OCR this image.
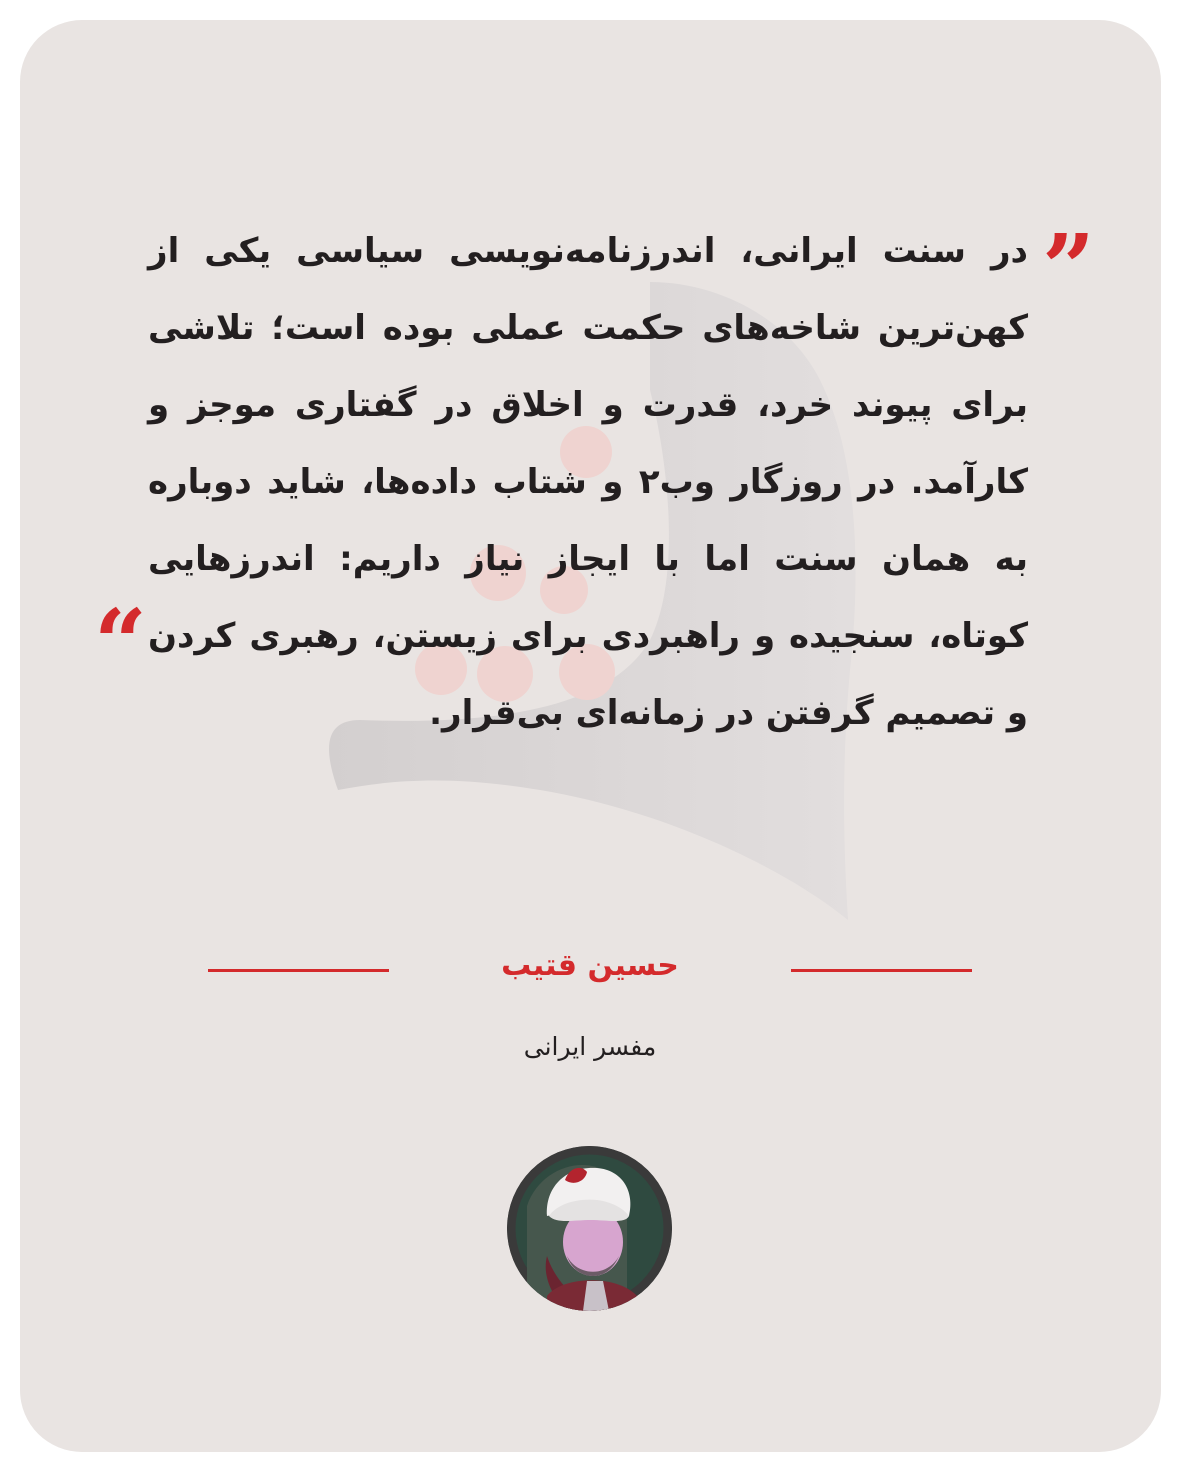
”

در سنت ایرانی، اندرزنامه‌نویسی سیاسی یکی از کهن‌ترین شاخه‌های حکمت عملی بوده است؛ تلاشی برای پیوند خرد، قدرت و اخلاق در گفتاری موجز و کارآمد. در روزگار وب۲ و شتاب داده‌ها، شاید دوباره به همان سنت اما با ایجاز نیاز داریم: اندرزهایی کوتاه، سنجیده و راهبردی برای زیستن، رهبری کردن و تصمیم گرفتن در زمانه‌ای بی‌قرار.

“
حسین قتیب
مفسر ایرانی
